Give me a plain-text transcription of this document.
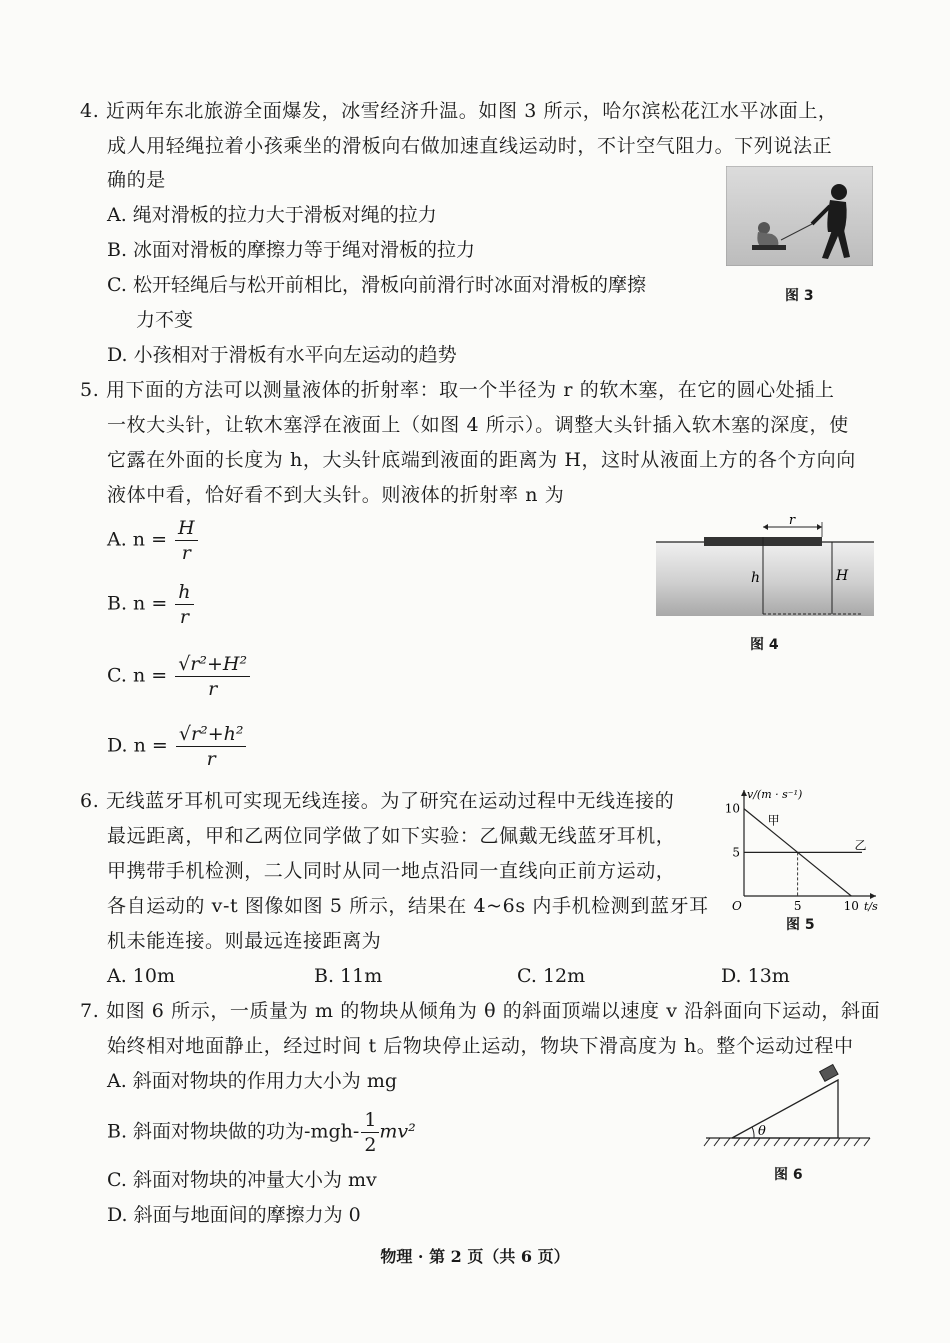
4. 近两年东北旅游全面爆发，冰雪经济升温。如图 3 所示，哈尔滨松花江水平冰面上，
成人用轻绳拉着小孩乘坐的滑板向右做加速直线运动时，不计空气阻力。下列说法正
确的是
A. 绳对滑板的拉力大于滑板对绳的拉力
B. 冰面对滑板的摩擦力等于绳对滑板的拉力
C. 松开轻绳后与松开前相比，滑板向前滑行时冰面对滑板的摩擦
力不变
D. 小孩相对于滑板有水平向左运动的趋势
图 3
5. 用下面的方法可以测量液体的折射率：取一个半径为 r 的软木塞，在它的圆心处插上
一枚大头针，让软木塞浮在液面上（如图 4 所示）。调整大头针插入软木塞的深度，使
它露在外面的长度为 h，大头针底端到液面的距离为 H，这时从液面上方的各个方向向
液体中看，恰好看不到大头针。则液体的折射率 n 为
A. $n = \frac{H}{r}$
B. $n = \frac{h}{r}$
C. $n = \frac{\text{√r²+H²}}{r}$
D. $n = \frac{\text{√r²+h²}}{r}$
r
h	H
图 4
6. 无线蓝牙耳机可实现无线连接。为了研究在运动过程中无线连接的
最远距离，甲和乙两位同学做了如下实验：乙佩戴无线蓝牙耳机，
甲携带手机检测，二人同时从同一地点沿同一直线向正前方运动，
各自运动的 v-t 图像如图 5 所示，结果在 4~6s 内手机检测到蓝牙耳
机未能连接。则最远连接距离为
A. 10m	B. 11m	C. 12m	D. 13m
5	10
5
10
甲
乙
v/(m · s⁻¹)
t/s
O
图 5
7. 如图 6 所示，一质量为 m 的物块从倾角为 θ 的斜面顶端以速度 v 沿斜面向下运动，斜面
始终相对地面静止，经过时间 t 后物块停止运动，物块下滑高度为 h。整个运动过程中
A. 斜面对物块的作用力大小为 mg
B. 斜面对物块做的功为$-mgh- \frac{1}{2} mv^2$
C. 斜面对物块的冲量大小为 mv
D. 斜面与地面间的摩擦力为 0
θ
图 6
物理 · 第 2 页（共 6 页）
